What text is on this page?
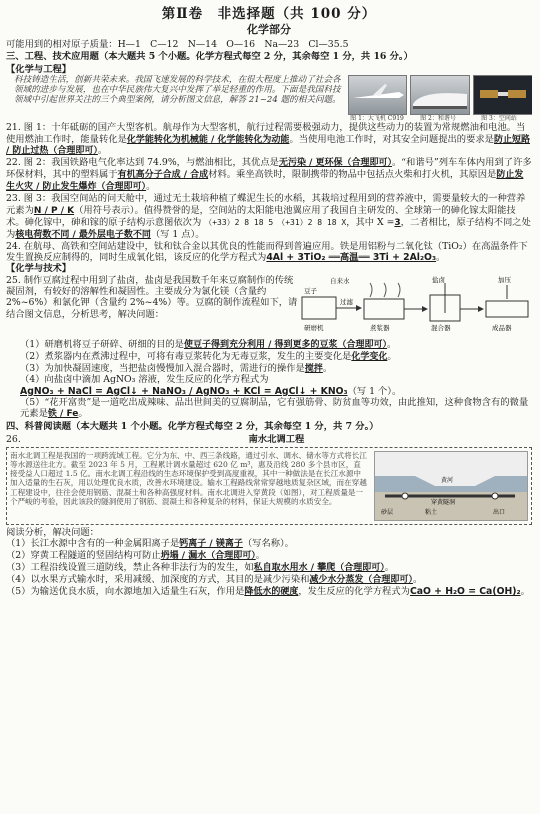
第Ⅱ卷　非选择题（共 100 分）
化学部分

可能用到的相对原子质量：H—1　C—12　N—14　O—16　Na—23　Cl—35.5

三、工程、技术应用题（本大题共 5 个小题。化学方程式每空 2 分，其余每空 1 分，共 16 分。）

【化学与工程】

科技铸造生活，创新共荣未来。我国飞速发展的科学技术，在很大程度上推动了社会各领域的进步与发展，也在中华民族伟大复兴中发挥了举足轻重的作用。下面是我国科技领域中引起世界关注的三个典型案例，请分析图文信息，解答 21~24 题的相关问题。
图 1：大飞机 C919	图 2：和谐号	图 3：空间站

21. 图 1：十年砥砺的国产大型客机。航母作为大型客机，航行过程需要极强动力，提供这些动力的装置为常规燃油和电池。当使用燃油工作时，能量转化是化学能转化为机械能 / 化学能转化为动能。当使用电池工作时，对其安全问题提出的要求是防止短路 / 防止过热（合理即可）。

22. 图 2：我国铁路电气化率达到 74.9%，与燃油相比，其优点是无污染 / 更环保（合理即可）。“和谐号”列车车体内用到了许多环保材料，其中的塑料属于有机高分子合成 / 合成材料。乘坐高铁时，限制携带的物品中包括点火柴和打火机，其原因是防止发生火灾 / 防止发生爆炸（合理即可）。

23. 图 3：我国空间站的问天舱中，通过无土栽培种植了蝶泥生长的水稻，其栽培过程用到的营养液中，需要量较大的一种营养元素为N / P / K（用符号表示）。值得赞誉的是，空间站的太阳能电池翼应用了我国自主研发的、全球第一的砷化镓太阳能技术。砷化镓中，砷和镓的原子结构示意图依次为 （+33）2 8 18 5　（+31）2 8 18 X，其中 X =3，二者相比，原子结构不同之处为核电荷数不同 / 最外层电子数不同（写 1 点）。

24. 在航母、高铁和空间站建设中，钛和钛合金以其优良的性能而得到普遍应用。铁是用铝粉与二氧化钛（TiO₂）在高温条件下发生置换反应制得的，同时生成氧化铝，该反应的化学方程式为4Al + 3TiO₂ ══高温══ 3Ti + 2Al₂O₃。

【化学与技术】

25. 制作豆腐过程中用到了盐卤，盐卤是我国数千年来豆腐制作的传统凝固剂，有较好的溶解性和凝固性。主要成分为氯化镁（含量约 2%~6%）和氯化钾（含量约 2%~4%）等。豆腐的制作流程如下，请结合图文信息，分析思考，解决问题：

研磨机
自来水
煮浆器	混合器
盐卤	加压
成品器
豆子
过滤

（1）研磨机将豆子研碎、研细的目的是使豆子得到充分利用 / 得到更多的豆浆（合理即可）。

（2）煮浆器内在煮沸过程中，可将有毒豆浆转化为无毒豆浆，发生的主要变化是化学变化。

（3）为加快凝固速度，当把盐卤慢慢加入混合器时，需进行的操作是搅拌。

（4）向盐卤中滴加 AgNO₃ 溶液，发生反应的化学方程式为
AgNO₃ + NaCl = AgCl↓ + NaNO₃ / AgNO₃ + KCl = AgCl↓ + KNO₃（写 1 个）。

（5）“花开富贵”是一道吃出成辣味、品出世间美的豆腐制品，它有强筋骨、防贫血等功效，由此推知，这种食物含有的微量元素是铁 / Fe。

四、科普阅读题（本大题共 1 个小题。化学方程式每空 2 分，其余每空 1 分，共 7 分。）

26.	南水北调工程
南水北调工程是我国的一项跨流域工程。它分为东、中、西三条线路，通过引水、调水、储水等方式将长江等水源送往北方。截至 2023 年 5 月，工程累计调水量超过 620 亿 m³，惠及沿线 280 多个县市区，直接受益人口超过 1.5 亿。南水北调工程沿线的生态环境保护受到高度重视，其中一种做法是在长江水源中加入适量的生石灰，用以处理优良水质，改善水环境建设。输水工程路线常常穿越地质复杂区域，而在穿越工程建设中，往往会使用钢筋、混凝土和各种高强度材料。南水北调进入穿黄段（如图），对工程质量是一个严峻的考验，因此该段的隧洞使用了钢筋、混凝土和各种复杂的材料，保证大规模的水质安全。
黄河
穿黄隧洞
砂层	粘土	出口

阅读分析，解决问题：

（1）长江水源中含有的一种金属阳离子是钙离子 / 镁离子（写名称）。

（2）穿黄工程隧道的竖固结构可防止坍塌 / 漏水（合理即可）。

（3）工程沿线设置三道防线，禁止各种非法行为的发生，如私自取水用水 / 攀爬（合理即可）。

（4）以水果方式输水时，采用减缓、加深度的方式，其目的是减少污染和减少水分蒸发（合理即可）。

（5）为输送优良水质，向水源地加入适量生石灰，作用是降低水的硬度，发生反应的化学方程式为CaO + H₂O = Ca(OH)₂。
